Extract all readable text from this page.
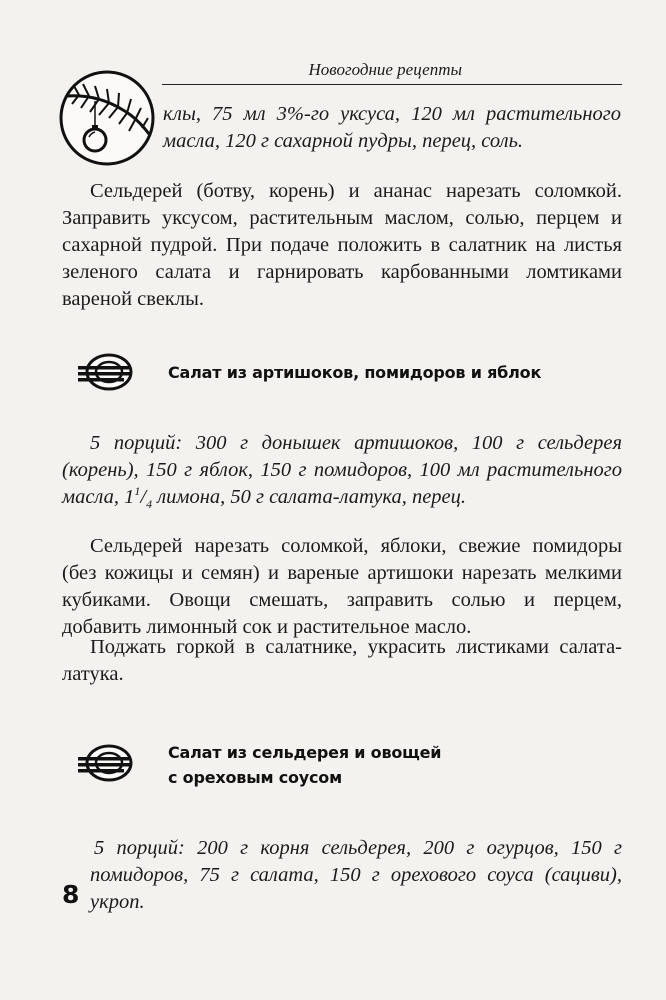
Новогодние рецепты

клы, 75 мл 3%-го уксуса, 120 мл растительного масла, 120 г сахарной пудры, перец, соль.

Сельдерей (ботву, корень) и ананас нарезать соломкой. Заправить уксусом, растительным маслом, солью, перцем и сахарной пудрой. При подаче положить в салатник на листья зеленого салата и гарнировать карбованными ломтиками вареной свеклы.

Салат из артишоков, помидоров и яблок

5 порций: 300 г донышек артишоков, 100 г сельдерея (корень), 150 г яблок, 150 г помидоров, 100 мл растительного масла, $1^1/_4$ лимона, 50 г салата-латука, перец.

Сельдерей нарезать соломкой, яблоки, свежие помидоры (без кожицы и семян) и вареные артишоки нарезать мелкими кубиками. Овощи смешать, заправить солью и перцем, добавить лимонный сок и растительное масло.

Поджать горкой в салатнике, украсить листиками салата-латука.

Салат из сельдерея и овощей
с ореховым соусом

5 порций: 200 г корня сельдерея, 200 г огурцов, 150 г помидоров, 75 г салата, 150 г орехового соуса (сациви), укроп.

8
